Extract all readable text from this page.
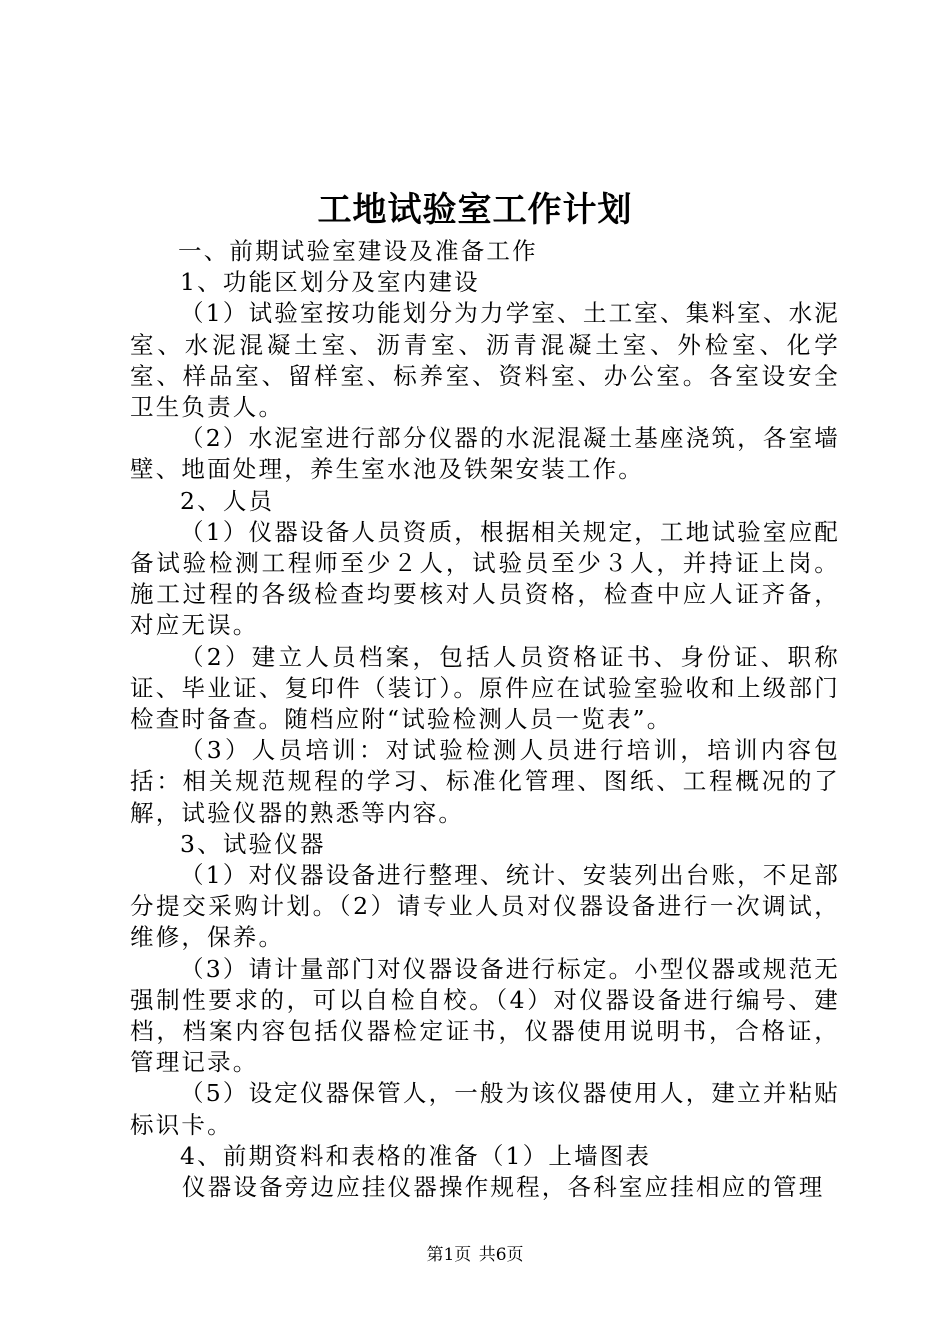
工地试验室工作计划

一、前期试验室建设及准备工作

1、功能区划分及室内建设

（1）试验室按功能划分为力学室、土工室、集料室、水泥室、水泥混凝土室、沥青室、沥青混凝土室、外检室、化学室、样品室、留样室、标养室、资料室、办公室。各室设安全卫生负责人。

（2）水泥室进行部分仪器的水泥混凝土基座浇筑，各室墙壁、地面处理，养生室水池及铁架安装工作。

2、人员

（1）仪器设备人员资质，根据相关规定，工地试验室应配备试验检测工程师至少２人，试验员至少３人，并持证上岗。施工过程的各级检查均要核对人员资格，检查中应人证齐备，对应无误。

（2）建立人员档案，包括人员资格证书、身份证、职称证、毕业证、复印件（装订）。原件应在试验室验收和上级部门检查时备查。随档应附“试验检测人员一览表”。

（3）人员培训：对试验检测人员进行培训，培训内容包括：相关规范规程的学习、标准化管理、图纸、工程概况的了解，试验仪器的熟悉等内容。

3、试验仪器

（1）对仪器设备进行整理、统计、安装列出台账，不足部分提交采购计划。（2）请专业人员对仪器设备进行一次调试，维修，保养。

（3）请计量部门对仪器设备进行标定。小型仪器或规范无强制性要求的，可以自检自校。（4）对仪器设备进行编号、建档，档案内容包括仪器检定证书，仪器使用说明书，合格证，管理记录。

（5）设定仪器保管人，一般为该仪器使用人，建立并粘贴标识卡。

4、前期资料和表格的准备（1）上墙图表

仪器设备旁边应挂仪器操作规程，各科室应挂相应的管理

第1页 共6页
